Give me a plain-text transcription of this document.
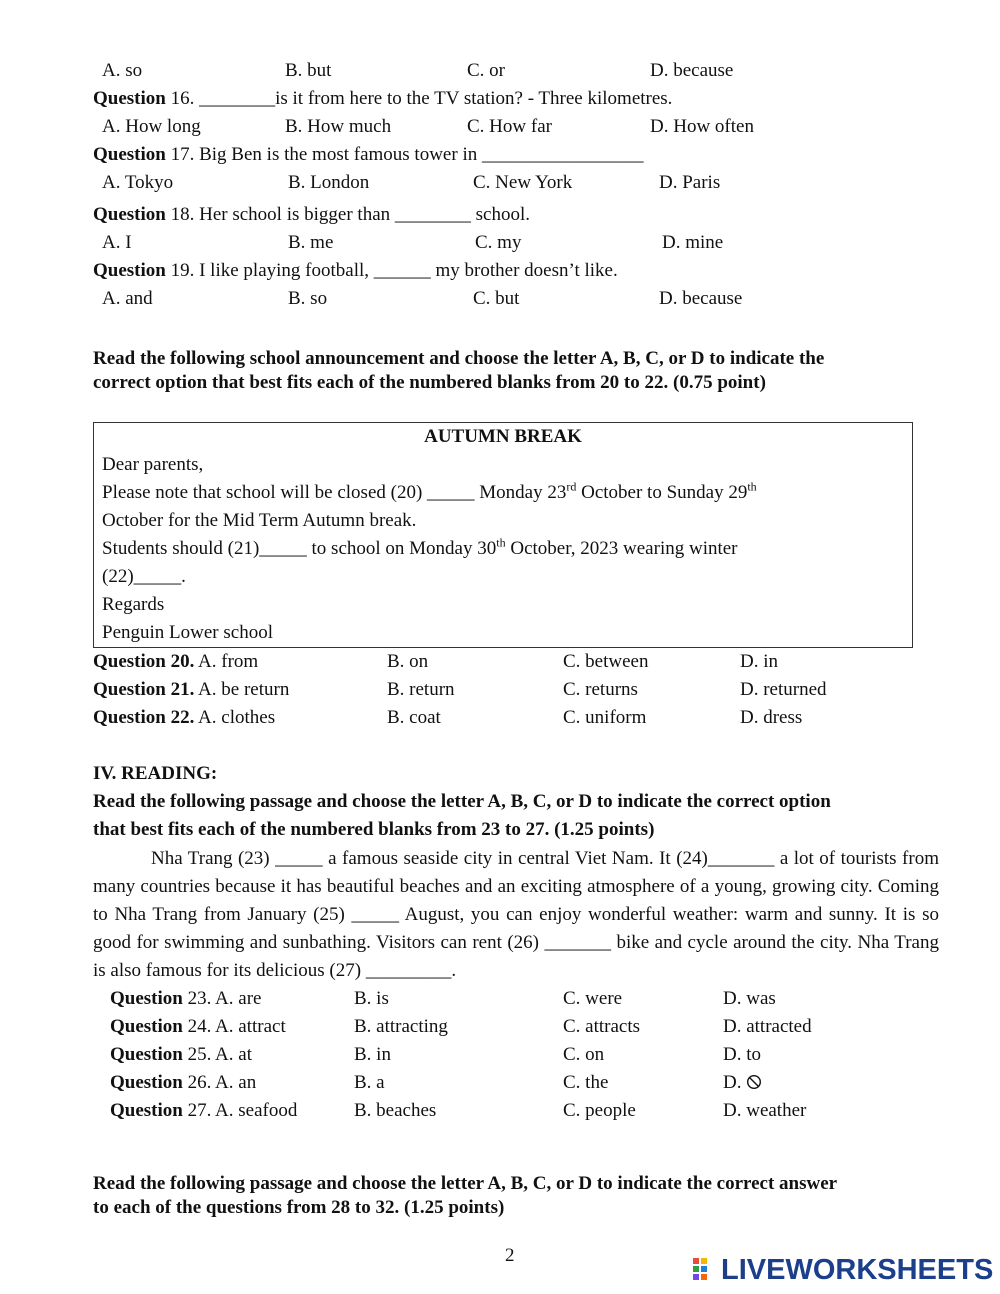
A. so	B. but	C. or	D. because
Question 16. ________is it from here to the TV station? - Three kilometres.
A. How long	B. How much	C. How far	D. How often
Question 17. Big Ben is the most famous tower in _________________
A. Tokyo	B. London	C. New York	D. Paris
Question 18. Her school is bigger than ________ school.
A. I	B. me	C. my	D. mine
Question 19. I like playing football, ______ my brother doesn’t like.
A. and	B. so	C. but	D. because
Read the following school announcement and choose the letter A, B, C, or D to indicate the
correct option that best fits each of the numbered blanks from 20 to 22. (0.75 point)
AUTUMN BREAK
Dear parents,
Please note that school will be closed (20) _____ Monday 23rd October to Sunday 29th
October for the Mid Term Autumn break.
Students should (21)_____ to school on Monday 30th October, 2023 wearing winter
(22)_____.
Regards
Penguin Lower school
Question 20. A. from	B. on	C. between	D. in
Question 21. A. be return	B. return	C. returns	D. returned
Question 22. A. clothes	B. coat	C. uniform	D. dress
IV. READING:
Read the following passage and choose the letter A, B, C, or D to indicate the correct option
that best fits each of the numbered blanks from 23 to 27. (1.25 points)
Nha Trang (23) _____ a famous seaside city in central Viet Nam. It (24)_______ a lot of tourists from many countries because it has beautiful beaches and an exciting atmosphere of a young, growing city. Coming to Nha Trang from January (25) _____ August, you can enjoy wonderful weather: warm and sunny. It is so good for swimming and sunbathing. Visitors can rent (26) _______ bike and cycle around the city. Nha Trang is also famous for its delicious (27) _________.
Question 23. A. are	B. is	C. were	D. was
Question 24. A. attract	B. attracting	C. attracts	D. attracted
Question 25. A. at	B. in	C. on	D. to
Question 26. A. an	B. a	C. the	D.
Question 27. A. seafood	B. beaches	C. people	D. weather
Read the following passage and choose the letter A, B, C, or D to indicate the correct answer
to each of the questions from 28 to 32. (1.25 points)
2	LIVEWORKSHEETS
